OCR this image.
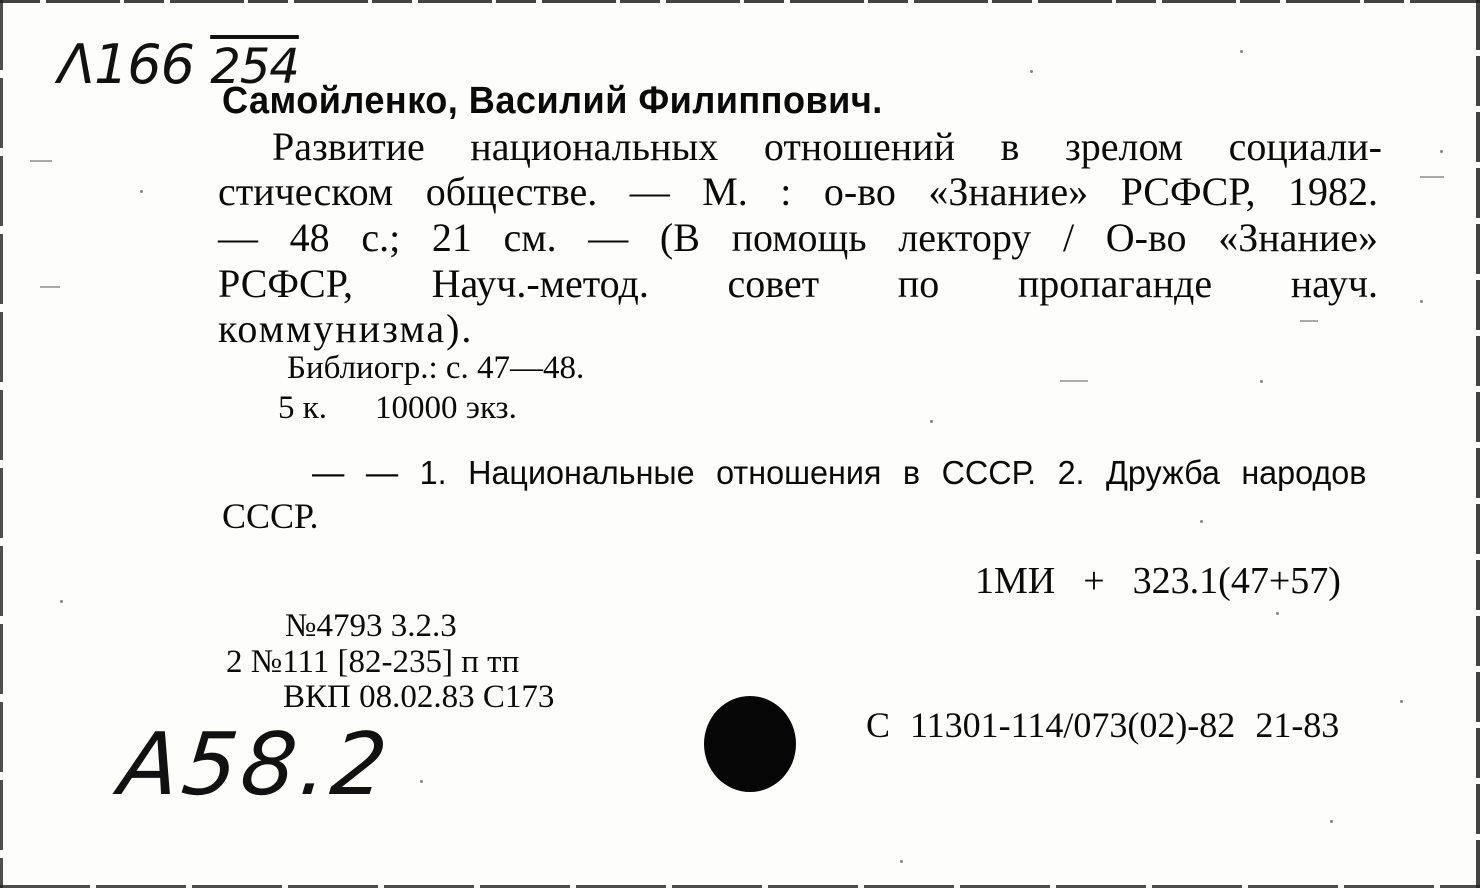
Λ166 254
Самойленко, Василий Филиппович.
Развитие национальных отношений в зрелом социали-
стическом обществе. — М. : о-во «Знание» РСФСР, 1982.
— 48 с.; 21 см. — (В помощь лектору / О-во «Знание»
РСФСР, Науч.-метод. совет по пропаганде науч.
коммунизма).
Библиогр.: с. 47—48.
5 к. 10000 экз.
— — 1. Национальные отношения в СССР. 2. Дружба народов
СССР.
1МИ + 323.1(47+57)
№4793 3.2.3
2 №111 [82-235] п тп
ВКП 08.02.83 С173
С 11301-114/073(02)-82 21-83
А58.2
